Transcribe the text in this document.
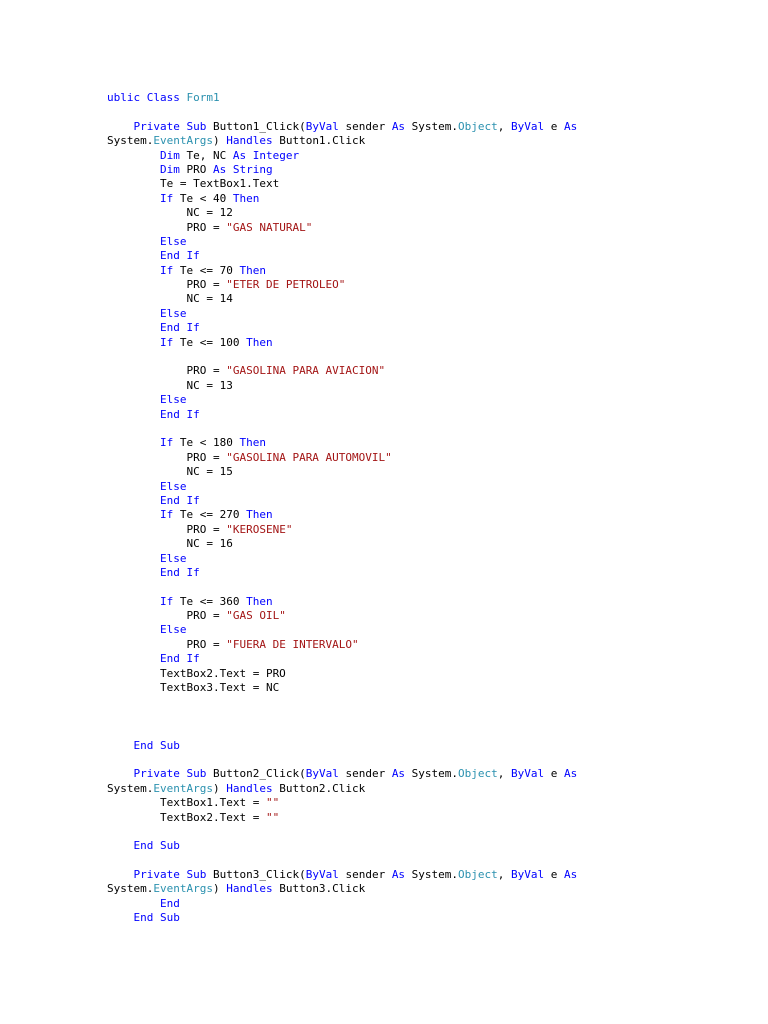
ublic Class Form1
Private Sub Button1_Click(ByVal sender As System.Object, ByVal e As
System.EventArgs) Handles Button1.Click
Dim Te, NC As Integer
Dim PRO As String
Te = TextBox1.Text
If Te < 40 Then
NC = 12
PRO = "GAS NATURAL"
Else
End If
If Te <= 70 Then
PRO = "ETER DE PETROLEO"
NC = 14
Else
End If
If Te <= 100 Then
PRO = "GASOLINA PARA AVIACION"
NC = 13
Else
End If
If Te < 180 Then
PRO = "GASOLINA PARA AUTOMOVIL"
NC = 15
Else
End If
If Te <= 270 Then
PRO = "KEROSENE"
NC = 16
Else
End If
If Te <= 360 Then
PRO = "GAS OIL"
Else
PRO = "FUERA DE INTERVALO"
End If
TextBox2.Text = PRO
TextBox3.Text = NC
End Sub
Private Sub Button2_Click(ByVal sender As System.Object, ByVal e As
System.EventArgs) Handles Button2.Click
TextBox1.Text = ""
TextBox2.Text = ""
End Sub
Private Sub Button3_Click(ByVal sender As System.Object, ByVal e As
System.EventArgs) Handles Button3.Click
End
End Sub
